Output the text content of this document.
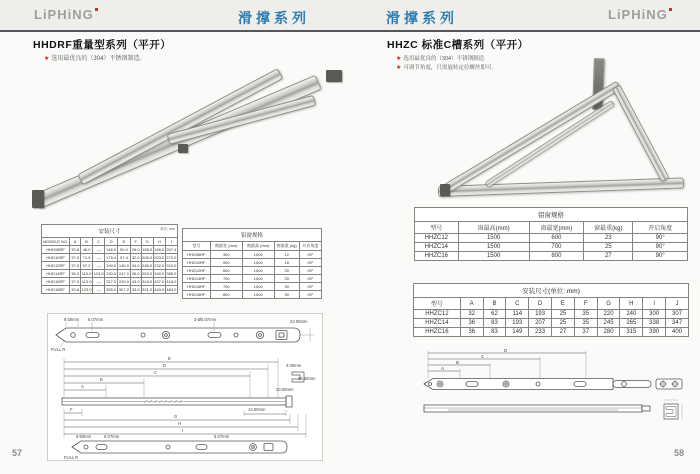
LiPHiNG	滑撑系列	滑撑系列	LiPHiNG
HHDRF重量型系列（平开）
★ 选用最优良的（304）不锈钢制造。
安装尺寸	单位: mm
MODELE NO.	A	B	C	D	E	F	G	H	I
HHD08RF	30.8	46.0	—	146.0	90.0	26.0	156.0	166.0	207.4
HHD10RF	37.0	71.5	—	175.4	97.4	32.0	206.0	203.0	272.0
HHD12RF	37.0	97.2	—	190.0	146.0	34.0	236.0	232.0	310.0
HHD14RF	36.0	110.0	124.0	230.0	247.0	26.0	253.0	340.0	380.0
HHD16RF	37.5	113.0	—	227.0	239.0	43.0	343.0	437.0	418.0
HHD18RF	30.8	123.0	—	255.0	307.2	33.0	321.0	443.0	484.0
铝窗规格
型号	窗最宽 (mm)	窗最高 (mm)	窗最重 (kg)	开启角度
HHD08RF	300	1000	12	90°
HHD10RF	500	1500	16	90°
HHD12RF	600	1500	20	90°
HHD14RF	700	1500	25	90°
HHD16RF	700	1500	30	90°
HHD18RF	800	1500	30	90°
9.50mm 5.07mm	3-Ø5.07mm	23.00mm
FULL R
E
D
C
B
A
3.00mm
16.50mm
23.00mm
14.50mm
F
G
H
I
9.50mm	5.07mm	5.07mm
FULL R
57
HHZC 标准C槽系列（平开）
★ 选用最优良的（304）不锈钢制造
★ 可调节角度，只需旋转定位螺丝即可。
铝窗规格
型号	窗最高(mm)	窗最宽(mm)	窗最重(kg)	开启角度
HHZC12	1500	600	23	90°
HHZC14	1500	700	25	90°
HHZC16	1500	800	27	90°
安装尺寸(单位: mm)
型号	A	B	C	D	E	F	G	H	I	J
HHZC12	32	62	114	193	25	35	220	240	300	307
HHZC14	36	83	193	207	25	35	245	265	338	347
HHZC16	36	83	149	233	27	37	280	315	390	400
D
C
B
A
58
